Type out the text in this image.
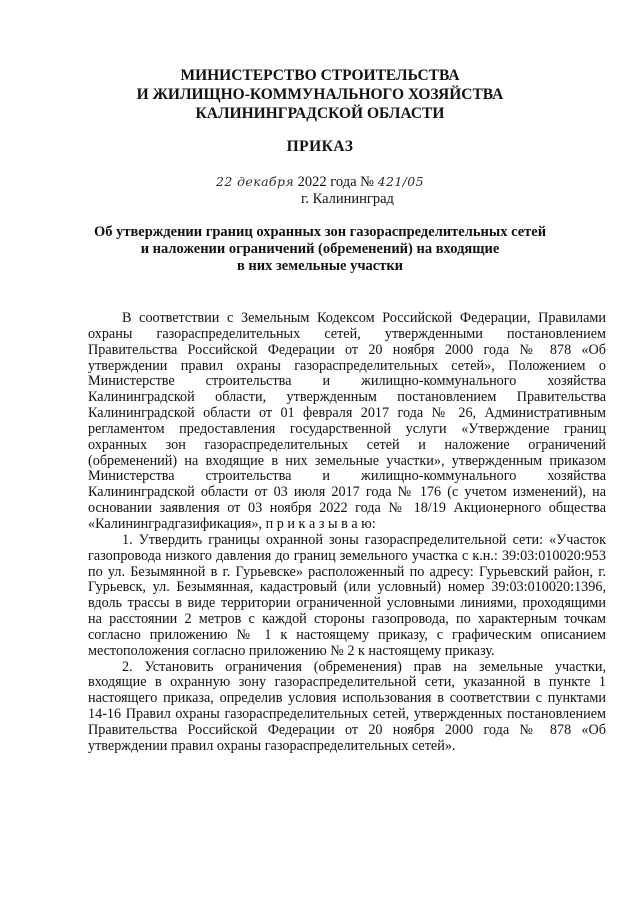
МИНИСТЕРСТВО СТРОИТЕЛЬСТВА
И ЖИЛИЩНО-КОММУНАЛЬНОГО ХОЗЯЙСТВА
КАЛИНИНГРАДСКОЙ ОБЛАСТИ
ПРИКАЗ
22 декабря 2022 года № 421/05
г. Калининград
Об утверждении границ охранных зон газораспределительных сетей
и наложении ограничений (обременений) на входящие
в них земельные участки

В соответствии с Земельным Кодексом Российской Федерации, Правилами охраны газораспределительных сетей, утвержденными постановлением Правительства Российской Федерации от 20 ноября 2000 года № 878 «Об утверждении правил охраны газораспределительных сетей», Положением о Министерстве строительства и жилищно-коммунального хозяйства Калининградской области, утвержденным постановлением Правительства Калининградской области от 01 февраля 2017 года № 26, Административным регламентом предоставления государственной услуги «Утверждение границ охранных зон газораспределительных сетей и наложение ограничений (обременений) на входящие в них земельные участки», утвержденным приказом Министерства строительства и жилищно-коммунального хозяйства Калининградской области от 03 июля 2017 года № 176 (с учетом изменений), на основании заявления от 03 ноября 2022 года № 18/19 Акционерного общества «Калининградгазификация», п р и к а з ы в а ю:

1. Утвердить границы охранной зоны газораспределительной сети: «Участок газопровода низкого давления до границ земельного участка с к.н.: 39:03:010020:953 по ул. Безымянной в г. Гурьевске» расположенный по адресу: Гурьевский район, г. Гурьевск, ул. Безымянная, кадастровый (или условный) номер 39:03:010020:1396, вдоль трассы в виде территории ограниченной условными линиями, проходящими на расстоянии 2 метров с каждой стороны газопровода, по характерным точкам согласно приложению № 1 к настоящему приказу, с графическим описанием местоположения согласно приложению № 2 к настоящему приказу.

2. Установить ограничения (обременения) прав на земельные участки, входящие в охранную зону газораспределительной сети, указанной в пункте 1 настоящего приказа, определив условия использования в соответствии с пунктами 14-16 Правил охраны газораспределительных сетей, утвержденных постановлением Правительства Российской Федерации от 20 ноября 2000 года № 878 «Об утверждении правил охраны газораспределительных сетей».
